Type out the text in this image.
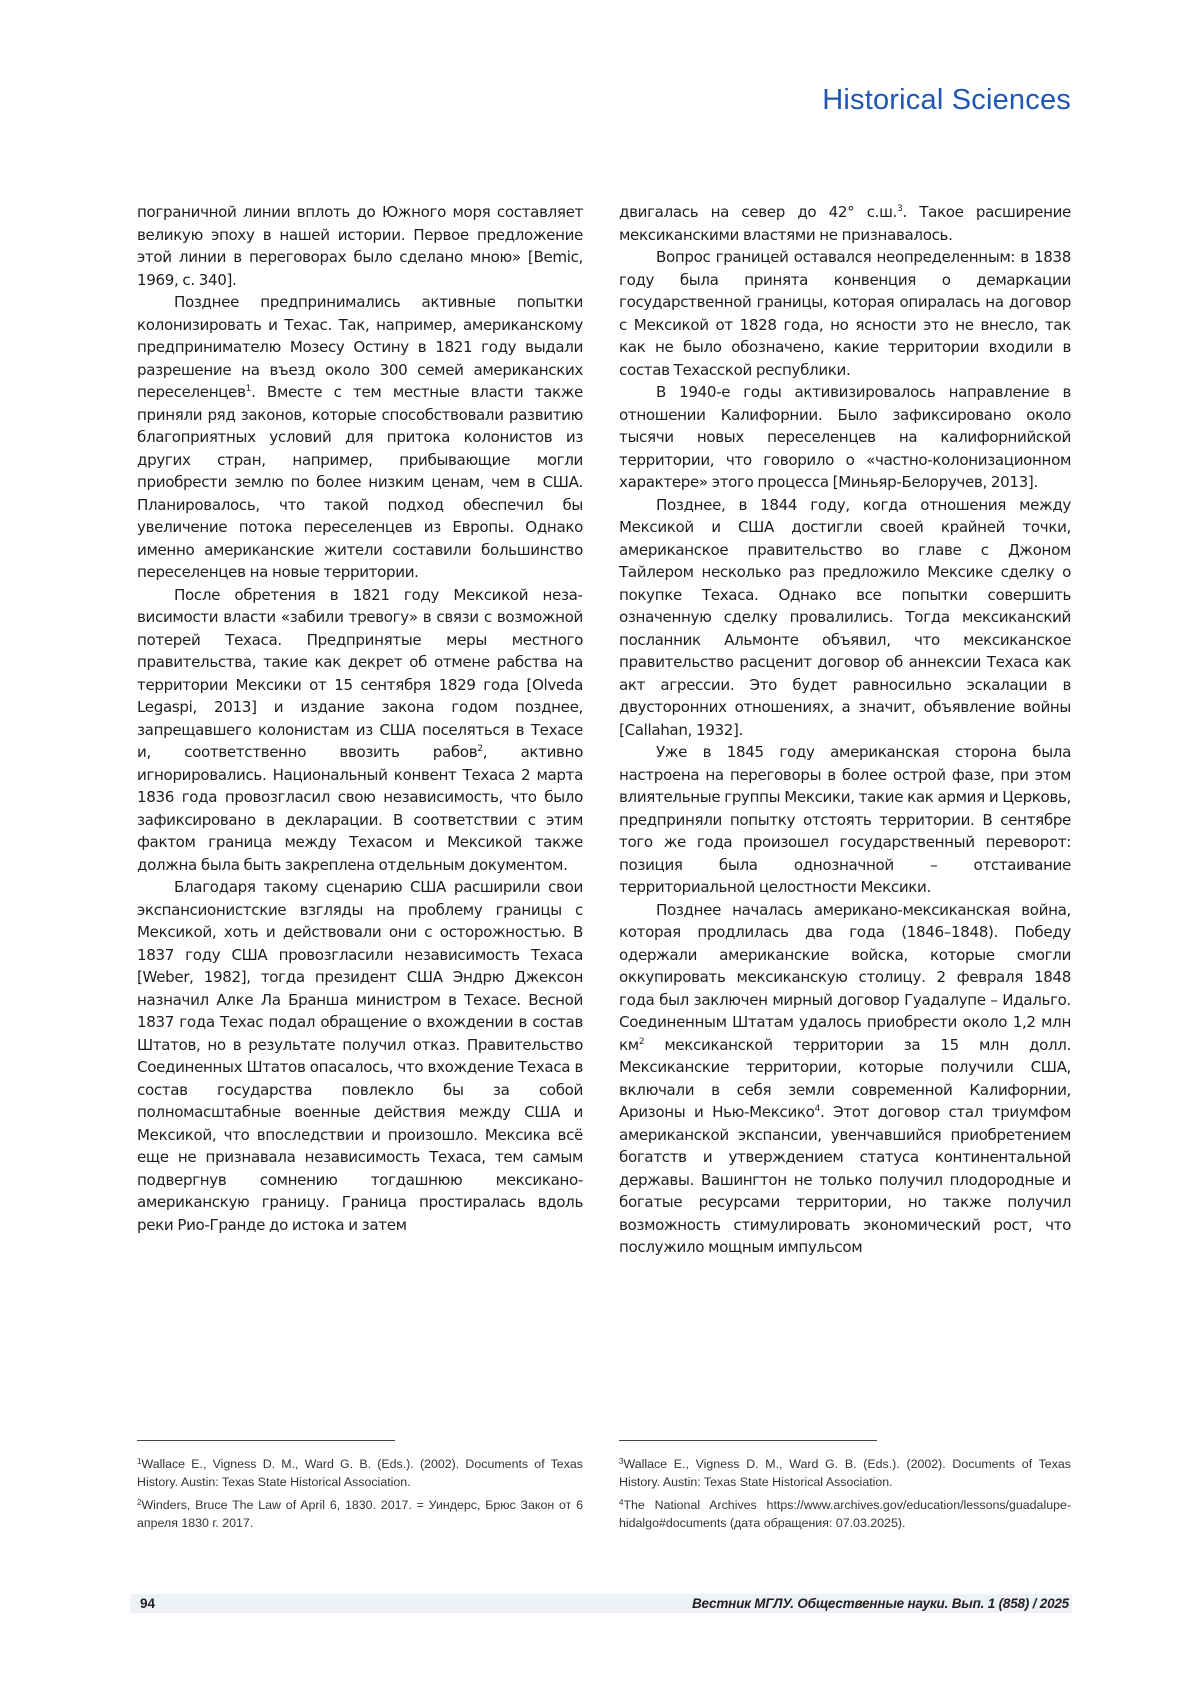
Historical Sciences

пограничной линии вплоть до Южного моря составляет великую эпоху в нашей истории. Первое предложение этой линии в переговорах было сделано мною» [Bemic, 1969, с. 340].

Позднее предпринимались активные попытки колонизировать и Техас. Так, например, американскому предпринимателю Мозесу Остину в 1821 году выдали разрешение на въезд около 300 семей американских переселенцев$^1$. Вместе с тем местные власти также приняли ряд законов, которые способствовали развитию благоприятных условий для притока колонистов из других стран, например, прибывающие могли приобрести землю по более низким ценам, чем в США. Планировалось, что такой подход обеспечил бы увеличение потока переселенцев из Европы. Однако именно американские жители составили большинство переселенцев на новые территории.

После обретения в 1821 году Мексикой независимости власти «забили тревогу» в связи с возможной потерей Техаса. Предпринятые меры местного правительства, такие как декрет об отмене рабства на территории Мексики от 15 сентября 1829 года [Olveda Legaspi, 2013] и издание закона годом позднее, запрещавшего колонистам из США поселяться в Техасе и, соответственно ввозить рабов$^2$, активно игнорировались. Национальный конвент Техаса 2 марта 1836 года провозгласил свою независимость, что было зафиксировано в декларации. В соответствии с этим фактом граница между Техасом и Мексикой также должна была быть закреплена отдельным документом.

Благодаря такому сценарию США расширили свои экспансионистские взгляды на проблему границы с Мексикой, хоть и действовали они с осторожностью. В 1837 году США провозгласили независимость Техаса [Weber, 1982], тогда президент США Эндрю Джексон назначил Алке Ла Бранша министром в Техасе. Весной 1837 года Техас подал обращение о вхождении в состав Штатов, но в результате получил отказ. Правительство Соединенных Штатов опасалось, что вхождение Техаса в состав государства повлекло бы за собой полномасштабные военные действия между США и Мексикой, что впоследствии и произошло. Мексика всё еще не признавала независимость Техаса, тем самым подвергнув сомнению тогдашнюю мексикано-американскую границу. Граница простиралась вдоль реки Рио-Гранде до истока и затем

двигалась на север до 42° с.ш.$^3$. Такое расширение мексиканскими властями не признавалось.

Вопрос границей оставался неопределенным: в 1838 году была принята конвенция о демаркации государственной границы, которая опиралась на договор с Мексикой от 1828 года, но ясности это не внесло, так как не было обозначено, какие территории входили в состав Техасской республики.

В 1940-е годы активизировалось направление в отношении Калифорнии. Было зафиксировано около тысячи новых переселенцев на калифорнийской территории, что говорило о «частно-колонизационном характере» этого процесса [Миньяр-Белоручев, 2013].

Позднее, в 1844 году, когда отношения между Мексикой и США достигли своей крайней точки, американское правительство во главе с Джоном Тайлером несколько раз предложило Мексике сделку о покупке Техаса. Однако все попытки совершить означенную сделку провалились. Тогда мексиканский посланник Альмонте объявил, что мексиканское правительство расценит договор об аннексии Техаса как акт агрессии. Это будет равносильно эскалации в двусторонних отношениях, а значит, объявление войны [Callahan, 1932].

Уже в 1845 году американская сторона была настроена на переговоры в более острой фазе, при этом влиятельные группы Мексики, такие как армия и Церковь, предприняли попытку отстоять территории. В сентябре того же года произошел государственный переворот: позиция была однозначной – отстаивание территориальной целостности Мексики.

Позднее началась американо-мексиканская война, которая продлилась два года (1846–1848). Победу одержали американские войска, которые смогли оккупировать мексиканскую столицу. 2 февраля 1848 года был заключен мирный договор Гуадалупе – Идальго. Соединенным Штатам удалось приобрести около 1,2 млн $км^2$ мексиканской территории за 15 млн долл. Мексиканские территории, которые получили США, включали в себя земли современной Калифорнии, Аризоны и Нью-Мексико$^4$. Этот договор стал триумфом американской экспансии, увенчавшийся приобретением богатств и утверждением статуса континентальной державы. Вашингтон не только получил плодородные и богатые ресурсами территории, но также получил возможность стимулировать экономический рост, что послужило мощным импульсом

$^1$Wallace E., Vigness D. M., Ward G. B. (Eds.). (2002). Documents of Texas History. Austin: Texas State Historical Association.

$^2$Winders, Bruce The Law of April 6, 1830. 2017. = Уиндерс, Брюс Закон от 6 апреля 1830 г. 2017.

$^3$Wallace E., Vigness D. M., Ward G. B. (Eds.). (2002). Documents of Texas History. Austin: Texas State Historical Association.

$^4$The National Archives https://www.archives.gov/education/lessons/guadalupe-hidalgo#documents (дата обращения: 07.03.2025).

94	Вестник МГЛУ. Общественные науки. Вып. 1 (858) / 2025
